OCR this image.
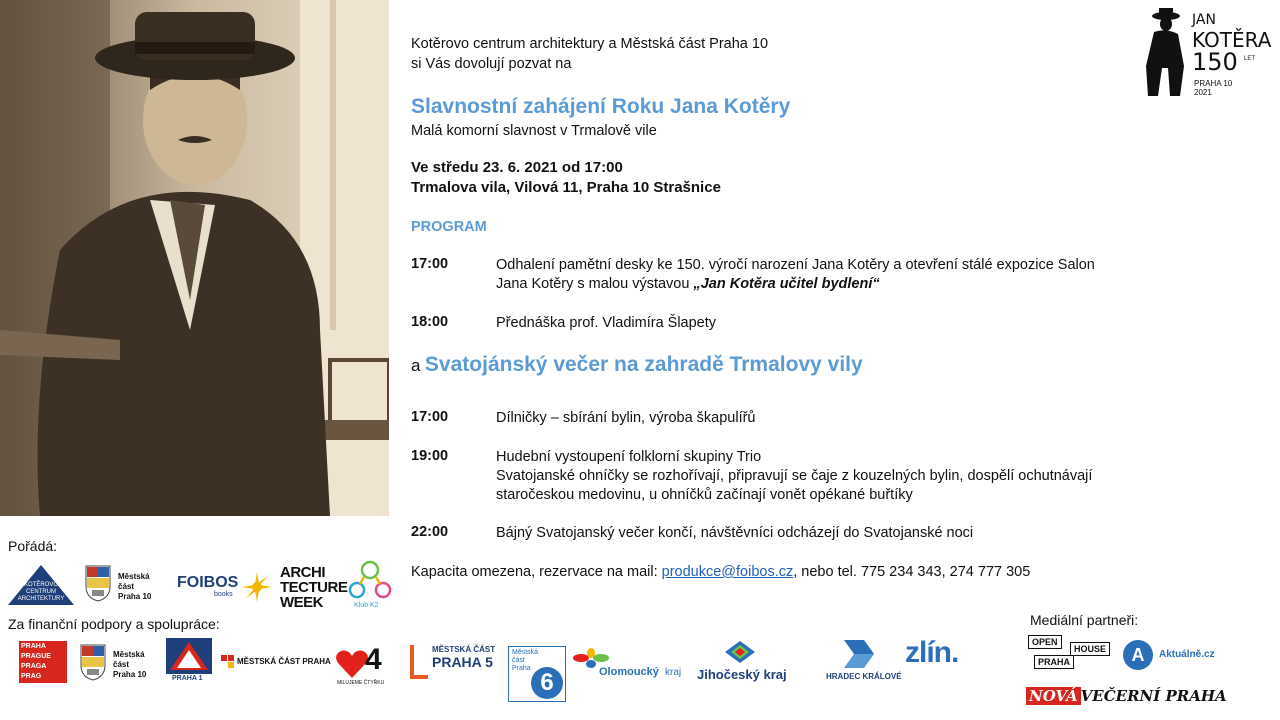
Kotěrovo centrum architektury a Městská část Praha 10
si Vás dovolují pozvat na
Slavnostní zahájení Roku Jana Kotěry
Malá komorní slavnost v Trmalově vile
Ve středu 23. 6. 2021 od 17:00
Trmalova vila, Vilová 11, Praha 10 Strašnice
PROGRAM
17:00	Odhalení pamětní desky ke 150. výročí narození Jana Kotěry a otevření stálé expozice Salon
Jana Kotěry s malou výstavou „Jan Kotěra učitel bydlení“
18:00	Přednáška prof. Vladimíra Šlapety
a Svatojánský večer na zahradě Trmalovy vily
17:00	Dílničky – sbírání bylin, výroba škapulířů
19:00	Hudební vystoupení folklorní skupiny Trio
Svatojanské ohníčky se rozhořívají, připravují se čaje z kouzelných bylin, dospělí ochutnávají
staročeskou medovinu, u ohníčků začínají vonět opékané buřtíky
22:00	Bájný Svatojanský večer končí, návštěvníci odcházejí do Svatojanské noci
Kapacita omezena, rezervace na mail: produkce@foibos.cz, nebo tel. 775 234 343, 274 777 305
JAN
KOTĚRA
150 LET
PRAHA 10
2021
Pořádá:
KOTĚROVO
CENTRUM
ARCHITEKTURY
Městská
část
Praha 10
FOIBOS
books
ARCHI
TECTURE
WEEK	Klub K2
Za finanční podpory a spolupráce:
PRAHA
PRAGUE
PRAGA
PRAG
Městská
část
Praha 10	PRAHA 1
MĚSTSKÁ ČÁST PRAHA 4
MILUJEME ČTYŘKU
MĚSTSKÁ ČÁST
PRAHA 5
Městská
část
Praha
6	Olomoucký kraj Jihočeský kraj	HRADEC KRÁLOVÉ
zlín.
Mediální partneři:
OPEN
HOUSE
PRAHA	A	Aktuálně.cz
NOVÁ VEČERNÍ PRAHA
